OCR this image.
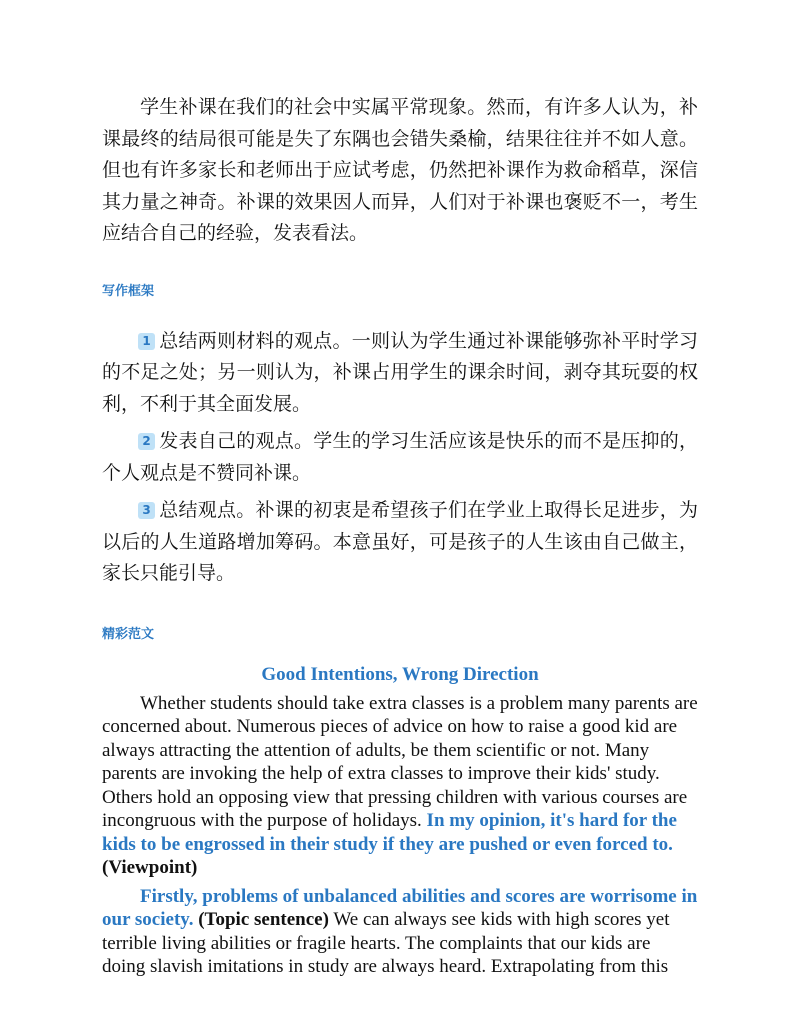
学生补课在我们的社会中实属平常现象。然而，有许多人认为，补课最终的结局很可能是失了东隅也会错失桑榆，结果往往并不如人意。但也有许多家长和老师出于应试考虑，仍然把补课作为救命稻草，深信其力量之神奇。补课的效果因人而异，人们对于补课也褒贬不一，考生应结合自己的经验，发表看法。

写作框架

1 总结两则材料的观点。一则认为学生通过补课能够弥补平时学习的不足之处；另一则认为，补课占用学生的课余时间，剥夺其玩耍的权利，不利于其全面发展。

2 发表自己的观点。学生的学习生活应该是快乐的而不是压抑的，个人观点是不赞同补课。

3 总结观点。补课的初衷是希望孩子们在学业上取得长足进步，为以后的人生道路增加筹码。本意虽好，可是孩子的人生该由自己做主，家长只能引导。

精彩范文
Good Intentions, Wrong Direction

Whether students should take extra classes is a problem many parents are concerned about. Numerous pieces of advice on how to raise a good kid are always attracting the attention of adults, be them scientific or not. Many parents are invoking the help of extra classes to improve their kids' study. Others hold an opposing view that pressing children with various courses are incongruous with the purpose of holidays. In my opinion, it's hard for the kids to be engrossed in their study if they are pushed or even forced to. (Viewpoint)

Firstly, problems of unbalanced abilities and scores are worrisome in our society. (Topic sentence) We can always see kids with high scores yet terrible living abilities or fragile hearts. The complaints that our kids are doing slavish imitations in study are always heard. Extrapolating from this
